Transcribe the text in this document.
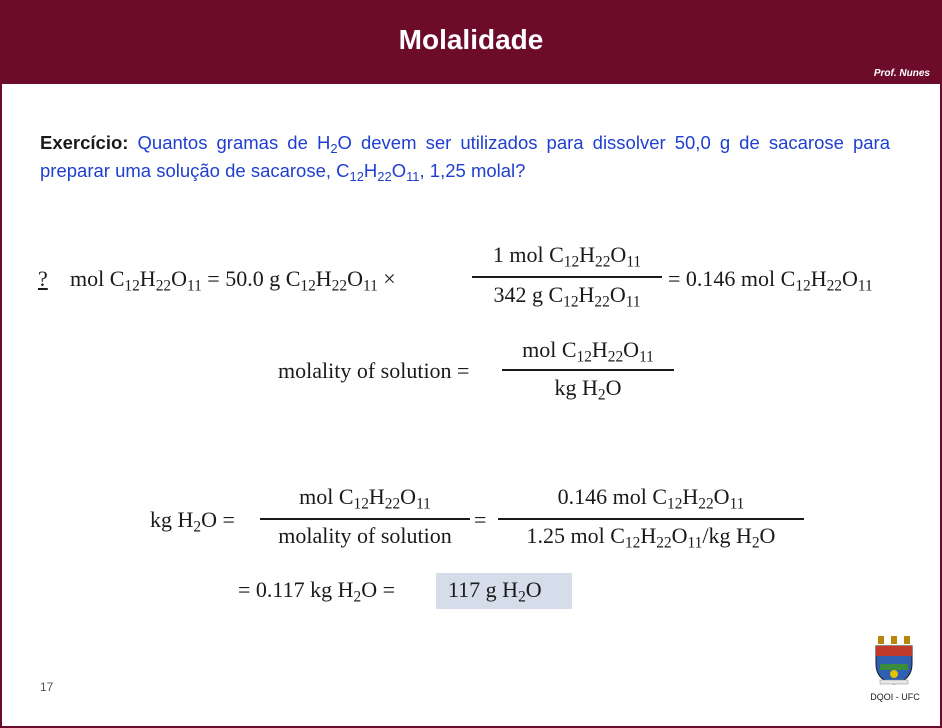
Molalidade
Prof. Nunes
Exercício: Quantos gramas de $H_2O$ devem ser utilizados para dissolver 50,0 g de sacarose para preparar uma solução de sacarose, $C_{12}H_{22}O_{11}$, 1,25 molal?
? mol $C_{12}H_{22}O_{11} = 50.0$ g $C_{12}H_{22}O_{11}$ ×
1 mol $C_{12}H_{22}O_{11}$
342 g $C_{12}H_{22}O_{11}$
= 0.146 mol $C_{12}H_{22}O_{11}$
molality of solution =
mol $C_{12}H_{22}O_{11}$
kg $H_2O$
kg $H_2O$ =
mol $C_{12}H_{22}O_{11}$
molality of solution
=
0.146 mol $C_{12}H_{22}O_{11}$
1.25 mol $C_{12}H_{22}O_{11}/kg$ $H_2O$
= 0.117 kg $H_2O = 117$ g $H_2O$
17
DQOI - UFC
